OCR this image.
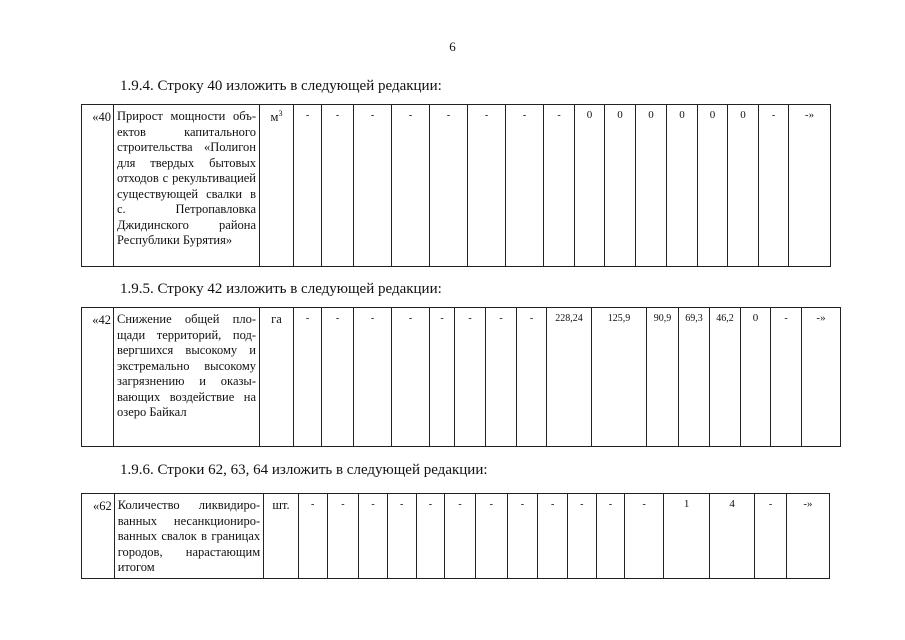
6
1.9.4. Строку 40 изложить в следующей редакции:
«40	Прирост мощности объектов капитального строительства «Полигон для твердых бытовых отходов с рекультивацией существующей свалки в с. Петропавловка Джидинского района Республики Бурятия»	$м^3$	-	-	-	-	-	-	-	-	0	0	0	0	0	0	-	-»
1.9.5. Строку 42 изложить в следующей редакции:
«42	Снижение общей площади территорий, подвергшихся высокому и экстремально высокому загрязнению и оказывающих воздействие на озеро Байкал	га	-	-	-	-	-	-	-	-	228,24	125,9	90,9	69,3	46,2	0	-	-»
1.9.6. Строки 62, 63, 64 изложить в следующей редакции:
«62	Количество ликвидированных несанкционированных свалок в границах городов, нарастающим итогом	шт.	-	-	-	-	-	-	-	-	-	-	-	-	1	4	-	-»
